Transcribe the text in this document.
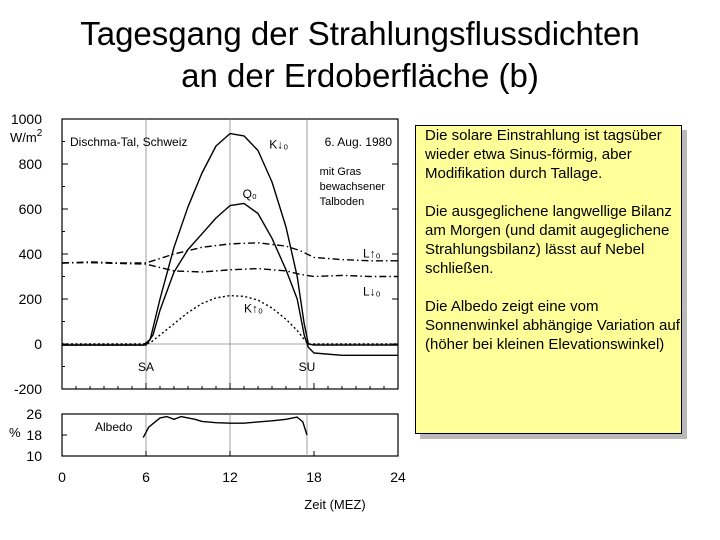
Tagesgang der Strahlungsflussdichten
an der Erdoberfläche (b)
SA	SU
-200
0
200
400
600
800
1000
$W/m^2$
0	6	12	18	24
Zeit (MEZ)
Dischma-Tal, Schweiz	6. Aug. 1980
mit Gras
bewachsener
Talboden
K↓₀
Q₀
L↑₀
L↓₀
K↑₀
10
18
26
%	Albedo

Die solare Einstrahlung ist tagsüber wieder etwa Sinus-förmig, aber Modifikation durch Tallage.

Die ausgeglichene langwellige Bilanz am Morgen (und damit augeglichene Strahlungsbilanz) lässt auf Nebel schließen.

Die Albedo zeigt eine vom Sonnenwinkel abhängige Variation auf (höher bei kleinen Elevationswinkel)
